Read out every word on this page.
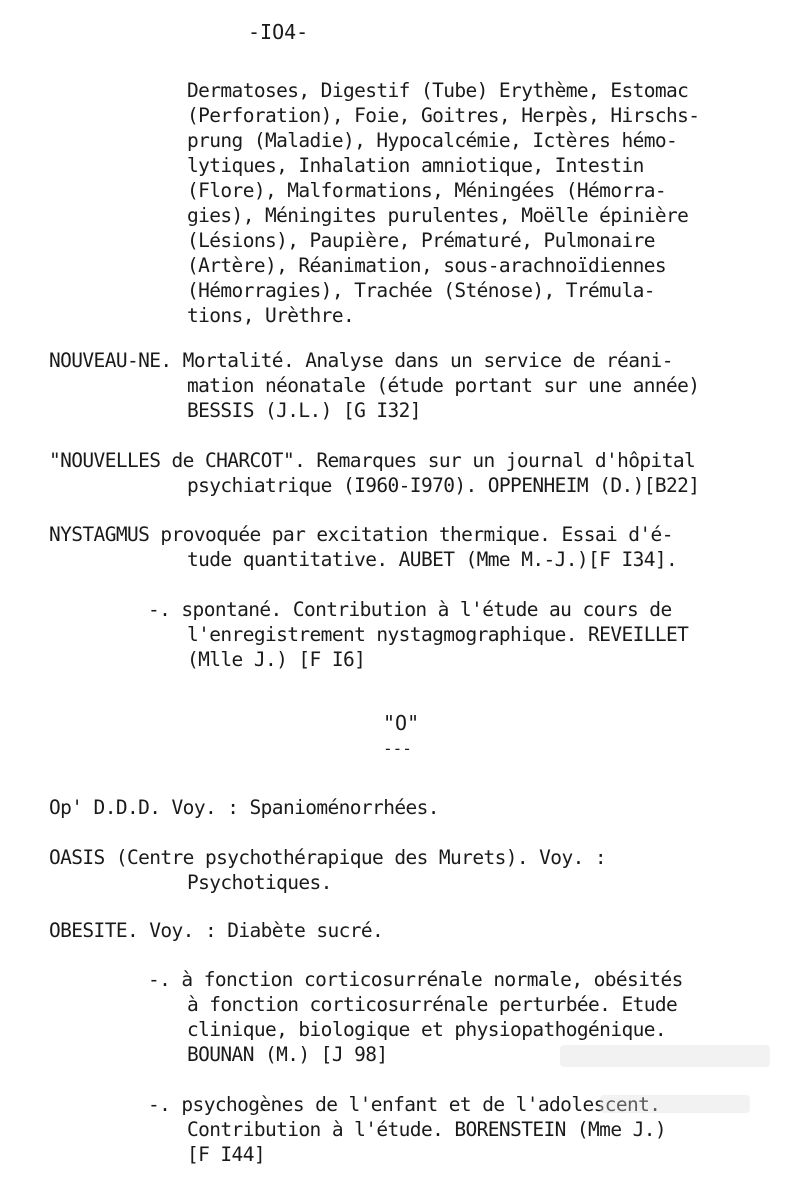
-IO4-
Dermatoses, Digestif (Tube) Erythème, Estomac
(Perforation), Foie, Goitres, Herpès, Hirschs-
prung (Maladie), Hypocalcémie, Ictères hémo-
lytiques, Inhalation amniotique, Intestin
(Flore), Malformations, Méningées (Hémorra-
gies), Méningites purulentes, Moëlle épinière
(Lésions), Paupière, Prématuré, Pulmonaire
(Artère), Réanimation, sous-arachnoïdiennes
(Hémorragies), Trachée (Sténose), Trémula-
tions, Urèthre.
NOUVEAU-NE. Mortalité. Analyse dans un service de réani-
mation néonatale (étude portant sur une année)
BESSIS (J.L.) [G I32]
"NOUVELLES de CHARCOT". Remarques sur un journal d'hôpital
psychiatrique (I960-I970). OPPENHEIM (D.)[B22]
NYSTAGMUS provoquée par excitation thermique. Essai d'é-
tude quantitative. AUBET (Mme M.-J.)[F I34].
-. spontané. Contribution à l'étude au cours de
l'enregistrement nystagmographique. REVEILLET
(Mlle J.) [F I6]
"O"
---
Op' D.D.D. Voy. : Spanioménorrhées.
OASIS (Centre psychothérapique des Murets). Voy. :
Psychotiques.
OBESITE. Voy. : Diabète sucré.
-. à fonction corticosurrénale normale, obésités
à fonction corticosurrénale perturbée. Etude
clinique, biologique et physiopathogénique.
BOUNAN (M.) [J 98]
-. psychogènes de l'enfant et de l'adolescent.
Contribution à l'étude. BORENSTEIN (Mme J.)
[F I44]
